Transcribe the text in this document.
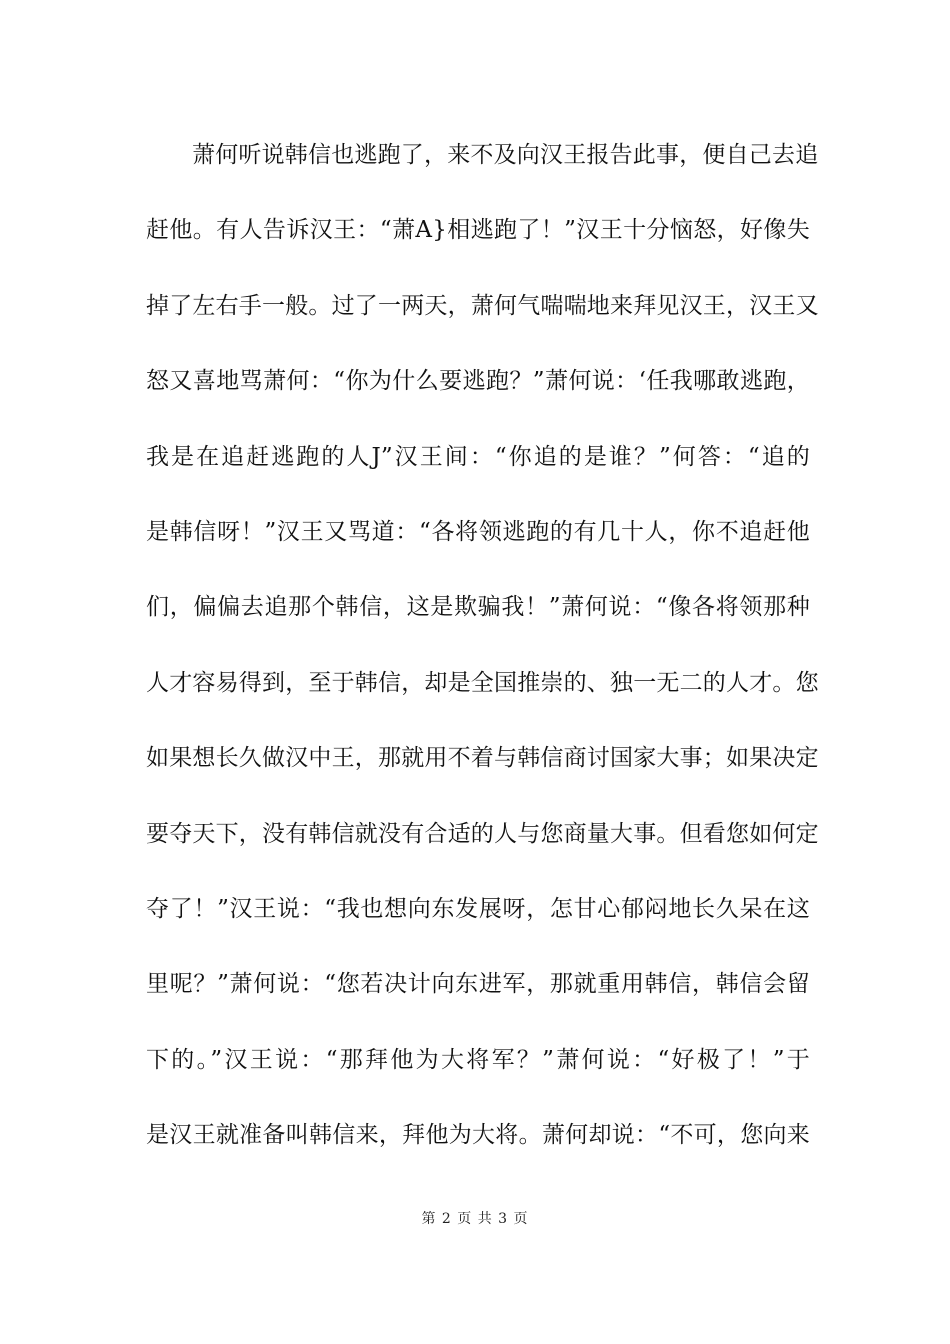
萧何听说韩信也逃跑了，来不及向汉王报告此事，便自己去追
赶他。有人告诉汉王：“萧A}相逃跑了！”汉王十分恼怒，好像失
掉了左右手一般。过了一两天，萧何气喘喘地来拜见汉王，汉王又
怒又喜地骂萧何：“你为什么要逃跑？”萧何说：‘任我哪敢逃跑，
我是在追赶逃跑的人J”汉王间：“你追的是谁？”何答：“追的
是韩信呀！”汉王又骂道：“各将领逃跑的有几十人，你不追赶他
们，偏偏去追那个韩信，这是欺骗我！”萧何说：“像各将领那种
人才容易得到，至于韩信，却是全国推崇的、独一无二的人才。您
如果想长久做汉中王，那就用不着与韩信商讨国家大事；如果决定
要夺天下，没有韩信就没有合适的人与您商量大事。但看您如何定
夺了！”汉王说：“我也想向东发展呀，怎甘心郁闷地长久呆在这
里呢？”萧何说：“您若决计向东进军，那就重用韩信，韩信会留
下的。”汉王说：“那拜他为大将军？”萧何说：“好极了！”于
是汉王就准备叫韩信来，拜他为大将。萧何却说：“不可，您向来
第 2 页 共 3 页
